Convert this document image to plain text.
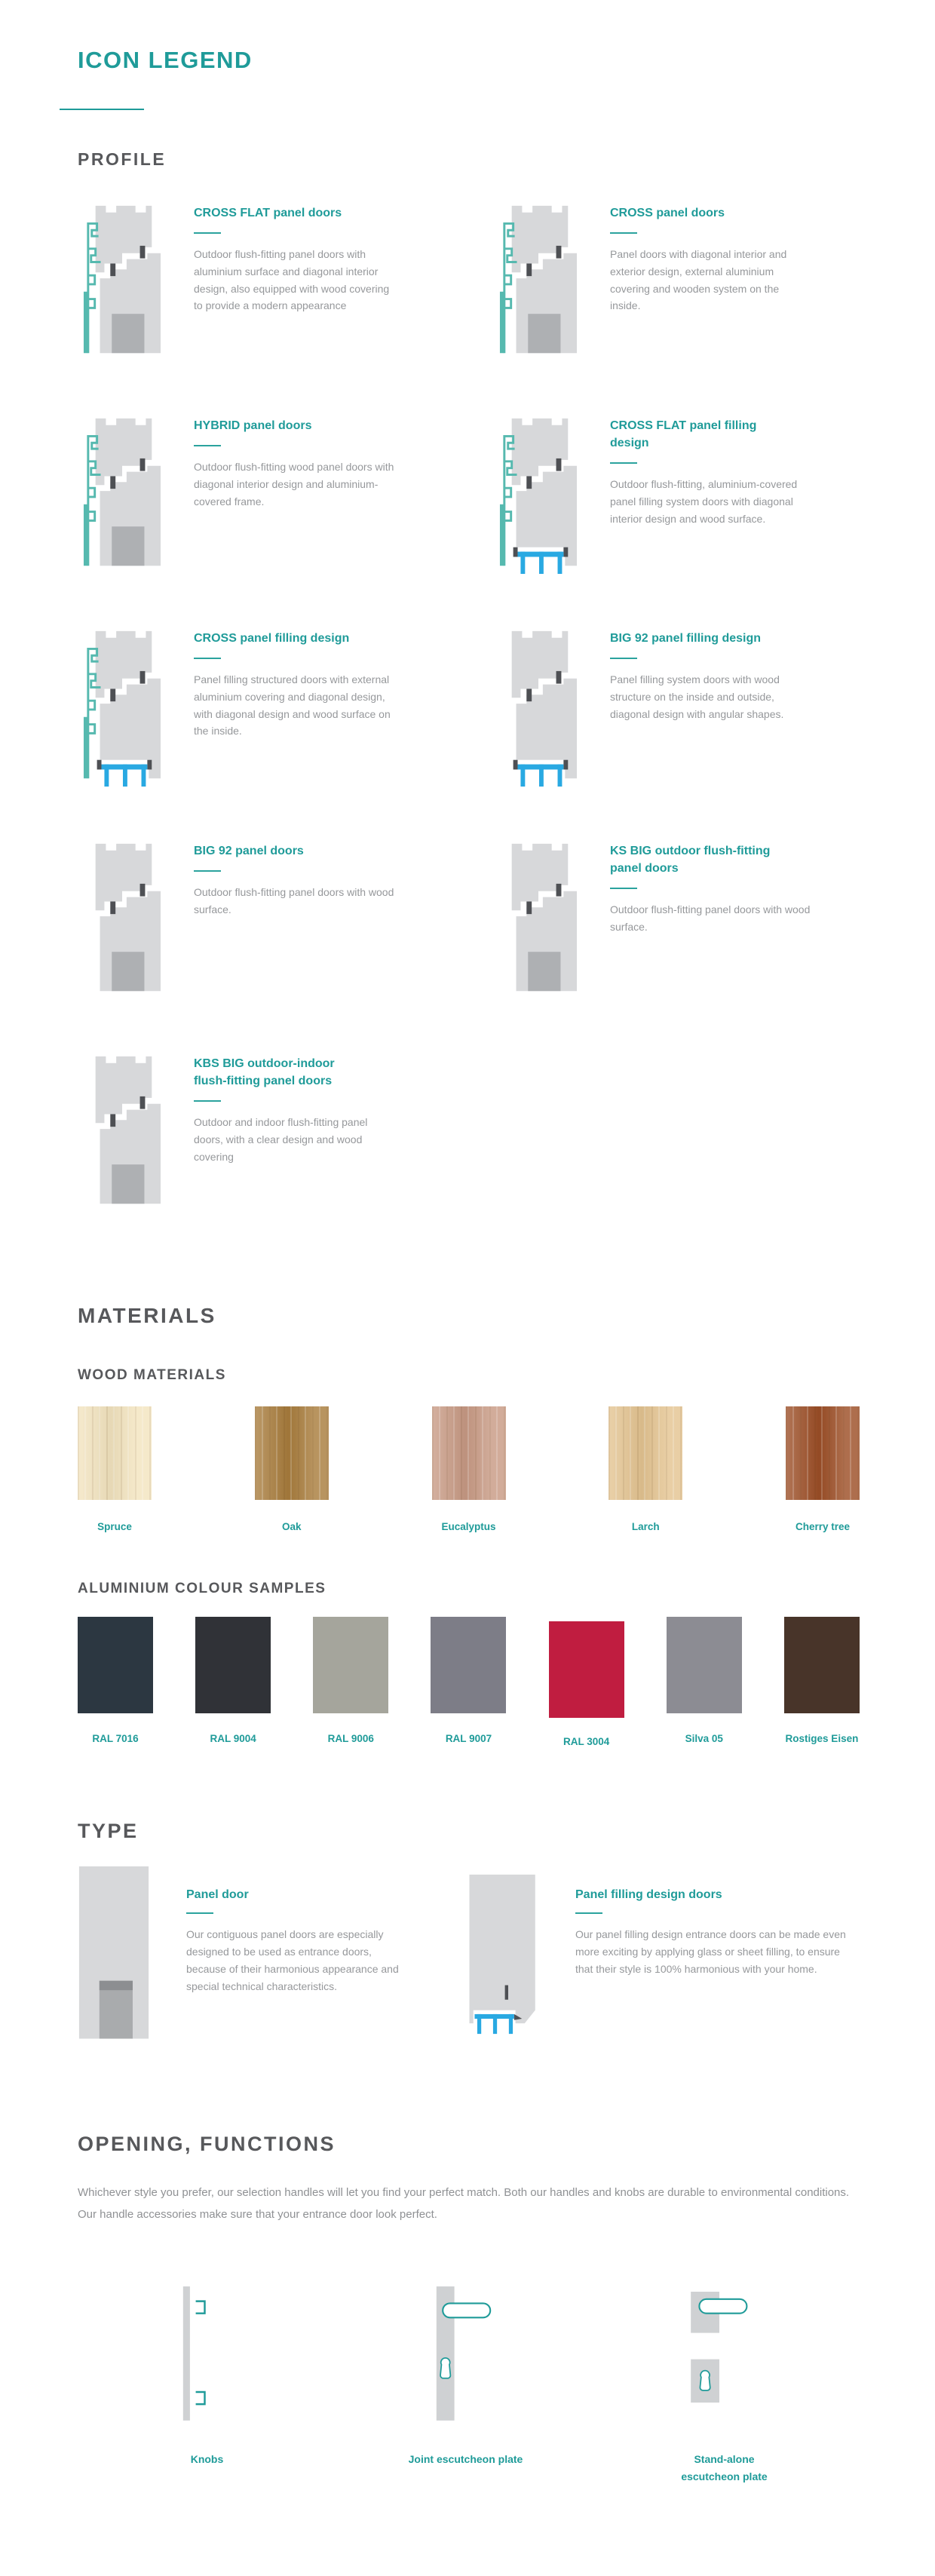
ICON LEGEND
PROFILE
CROSS FLAT panel doors

Outdoor flush-fitting panel doors with aluminium surface and diagonal interior design, also equipped with wood covering to provide a modern appearance

CROSS panel doors

Panel doors with diagonal interior and exterior design, external aluminium covering and wooden system on the inside.

HYBRID panel doors

Outdoor flush-fitting wood panel doors with diagonal interior design and aluminium-covered frame.

CROSS FLAT panel filling design

Outdoor flush-fitting, aluminium-covered panel filling system doors with diagonal interior design and wood surface.

CROSS panel filling design

Panel filling structured doors with external aluminium covering and diagonal design, with diagonal design and wood surface on the inside.

BIG 92 panel filling design

Panel filling system doors with wood structure on the inside and outside, diagonal design with angular shapes.

BIG 92 panel doors

Outdoor flush-fitting panel doors with wood surface.

KS BIG outdoor flush-fitting panel doors

Outdoor flush-fitting panel doors with wood surface.

KBS BIG outdoor-indoor flush-fitting panel doors

Outdoor and indoor flush-fitting panel doors, with a clear design and wood covering

MATERIALS
WOOD MATERIALS
Spruce	Oak	Eucalyptus	Larch	Cherry tree
ALUMINIUM COLOUR SAMPLES
RAL 7016	RAL 9004	RAL 9006	RAL 9007	RAL 3004	Silva 05	Rostiges Eisen
TYPE
Panel door

Our contiguous panel doors are especially designed to be used as entrance doors, because of their harmonious appearance and special technical characteristics.

Panel filling design doors

Our panel filling design entrance doors can be made even more exciting by applying glass or sheet filling, to ensure that their style is 100% harmonious with your home.

OPENING, FUNCTIONS

Whichever style you prefer, our selection handles will let you find your perfect match. Both our handles and knobs are durable to environmental conditions. Our handle accessories make sure that your entrance door look perfect.

Knobs	Joint escutcheon plate	Stand-alone escutcheon plate
